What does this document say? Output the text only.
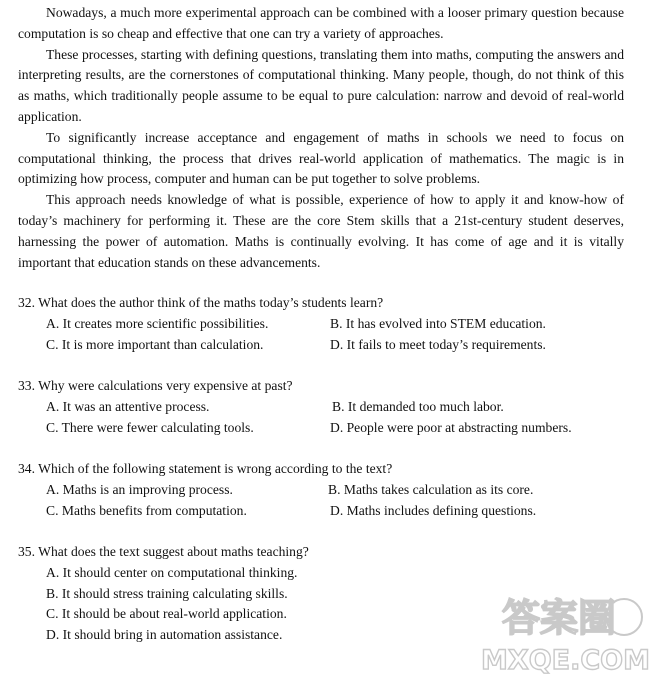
Nowadays, a much more experimental approach can be combined with a looser primary question because computation is so cheap and effective that one can try a variety of approaches.

These processes, starting with defining questions, translating them into maths, computing the answers and interpreting results, are the cornerstones of computational thinking. Many people, though, do not think of this as maths, which traditionally people assume to be equal to pure calculation: narrow and devoid of real-world application.

To significantly increase acceptance and engagement of maths in schools we need to focus on computational thinking, the process that drives real-world application of mathematics. The magic is in optimizing how process, computer and human can be put together to solve problems.

This approach needs knowledge of what is possible, experience of how to apply it and know-how of today’s machinery for performing it. These are the core Stem skills that a 21st-century student deserves, harnessing the power of automation. Maths is continually evolving. It has come of age and it is vitally important that education stands on these advancements.

32. What does the author think of the maths today’s students learn?
A. It creates more scientific possibilities.	B. It has evolved into STEM education.
C. It is more important than calculation.	D. It fails to meet today’s requirements.
33. Why were calculations very expensive at past?
A. It was an attentive process.	B. It demanded too much labor.
C. There were fewer calculating tools.	D. People were poor at abstracting numbers.
34. Which of the following statement is wrong according to the text?
A. Maths is an improving process.	B. Maths takes calculation as its core.
C. Maths benefits from computation.	D. Maths includes defining questions.
35. What does the text suggest about maths teaching?
A. It should center on computational thinking.
B. It should stress training calculating skills.
C. It should be about real-world application.
D. It should bring in automation assistance.	答案圈
MXQE.COM
